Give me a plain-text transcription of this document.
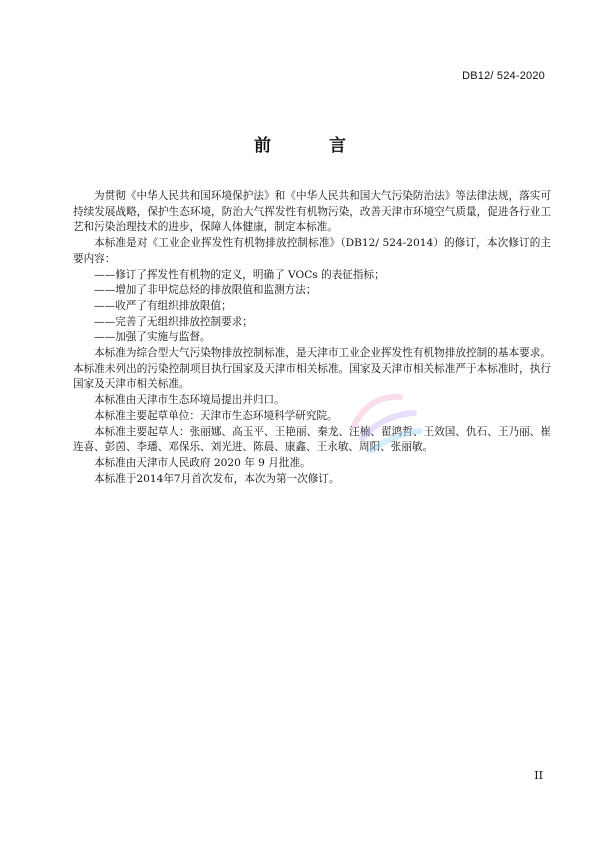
DB12/ 524-2020
前 言

为贯彻《中华人民共和国环境保护法》和《中华人民共和国大气污染防治法》等法律法规，落实可持续发展战略，保护生态环境，防治大气挥发性有机物污染，改善天津市环境空气质量，促进各行业工艺和污染治理技术的进步，保障人体健康，制定本标准。

本标准是对《工业企业挥发性有机物排放控制标准》（DB12/ 524-2014）的修订，本次修订的主要内容：

——修订了挥发性有机物的定义，明确了 VOCs 的表征指标；

——增加了非甲烷总烃的排放限值和监测方法；

——收严了有组织排放限值；

——完善了无组织排放控制要求；

——加强了实施与监督。

本标准为综合型大气污染物排放控制标准，是天津市工业企业挥发性有机物排放控制的基本要求。本标准未列出的污染控制项目执行国家及天津市相关标准。国家及天津市相关标准严于本标准时，执行国家及天津市相关标准。

本标准由天津市生态环境局提出并归口。

本标准主要起草单位：天津市生态环境科学研究院。

本标准主要起草人：张丽娜、高玉平、王艳丽、秦龙、汪楠、翟鸿哲、王效国、仇石、王乃丽、崔连喜、彭茵、李璠、邓保乐、刘光进、陈晨、康鑫、王永敏、周阳、张丽敏。

本标准由天津市人民政府 2020 年 9 月批准。

本标准于2014年7月首次发布，本次为第一次修订。

II
